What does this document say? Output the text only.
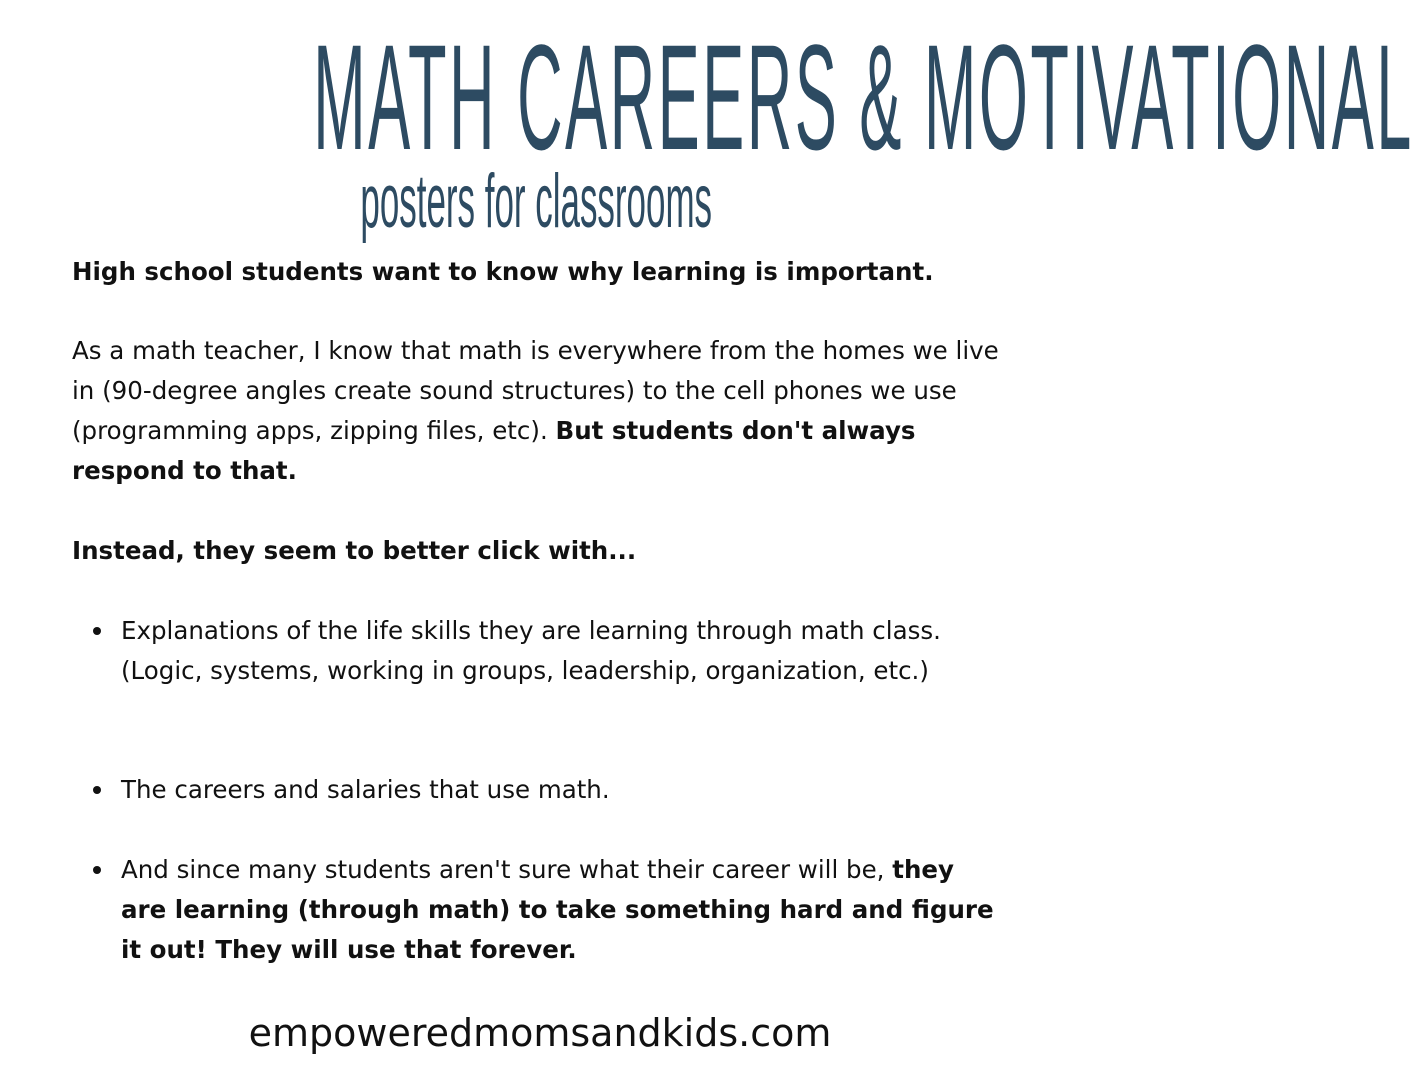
MATH CAREERS & MOTIVATIONAL
posters for classrooms

High school students want to know why learning is important.

As a math teacher, I know that math is everywhere from the homes we live in (90-degree angles create sound structures) to the cell phones we use (programming apps, zipping files, etc). But students don't always respond to that.

Instead, they seem to better click with...

Explanations of the life skills they are learning through math class. (Logic, systems, working in groups, leadership, organization, etc.)
The careers and salaries that use math.
And since many students aren't sure what their career will be, they are learning (through math) to take something hard and figure it out! They will use that forever.
empoweredmomsandkids.com
